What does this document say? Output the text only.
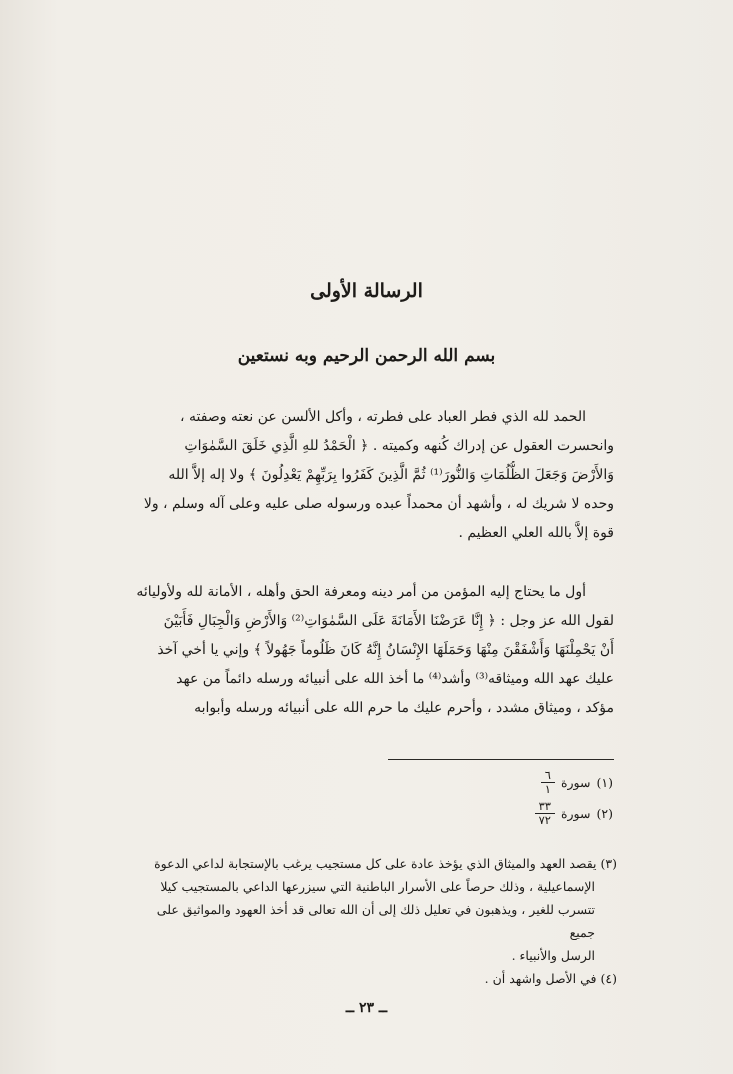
الرسالة الأولى
بسم الله الرحمن الرحيم وبه نستعين
الحمد لله الذي فطر العباد على فطرته ، وأكل الألسن عن نعته وصفته ،
وانحسرت العقول عن إدراك كُنهه وكميته . ﴿ الْحَمْدُ للهِ الَّذِي خَلَقَ السَّمٰوَاتِ
وَالأَرْضَ وَجَعَلَ الظُّلُمَاتِ وَالنُّورَ⁽¹⁾ ثُمَّ الَّذِينَ كَفَرُوا بِرَبِّهِمْ يَعْدِلُونَ ﴾ ولا إله إلاَّ الله
وحده لا شريك له ، وأشهد أن محمداً عبده ورسوله صلى عليه وعلى آله وسلم ، ولا
قوة إلاَّ بالله العلي العظيم .
أول ما يحتاج إليه المؤمن من أمر دينه ومعرفة الحق وأهله ، الأمانة لله ولأوليائه
لقول الله عز وجل : ﴿ إِنَّا عَرَضْنَا الأَمَانَةَ عَلَى السَّمٰوَاتِ⁽²⁾ وَالأَرْضِ وَالْجِبَالِ فَأَبَيْنَ
أَنْ يَحْمِلْنَهَا وَأَشْفَقْنَ مِنْهَا وَحَمَلَهَا الإِنْسَانُ إِنَّهُ كَانَ ظَلُوماً جَهُولاً ﴾ وإني يا أخي آخذ
عليك عهد الله وميثاقه⁽³⁾ وأشد⁽⁴⁾ ما أخذ الله على أنبيائه ورسله دائماً من عهد
مؤكد ، وميثاق مشدد ، وأحرم عليك ما حرم الله على أنبيائه ورسله وأبوابه
(١)
سورة
$\frac{٦}{١}$
(٢)
سورة
$\frac{٣٣}{٧٢}$
(٣) يقصد العهد والميثاق الذي يؤخذ عادة على كل مستجيب يرغب بالإستجابة لداعي الدعوة
الإسماعيلية ، وذلك حرصاً على الأسرار الباطنية التي سيزرعها الداعي بالمستجيب كيلا
تتسرب للغير ، ويذهبون في تعليل ذلك إلى أن الله تعالى قد أخذ العهود والمواثيق على جميع
الرسل والأنبياء .
(٤) في الأصل واشهد أن .
ــ ٢٣ ــ
